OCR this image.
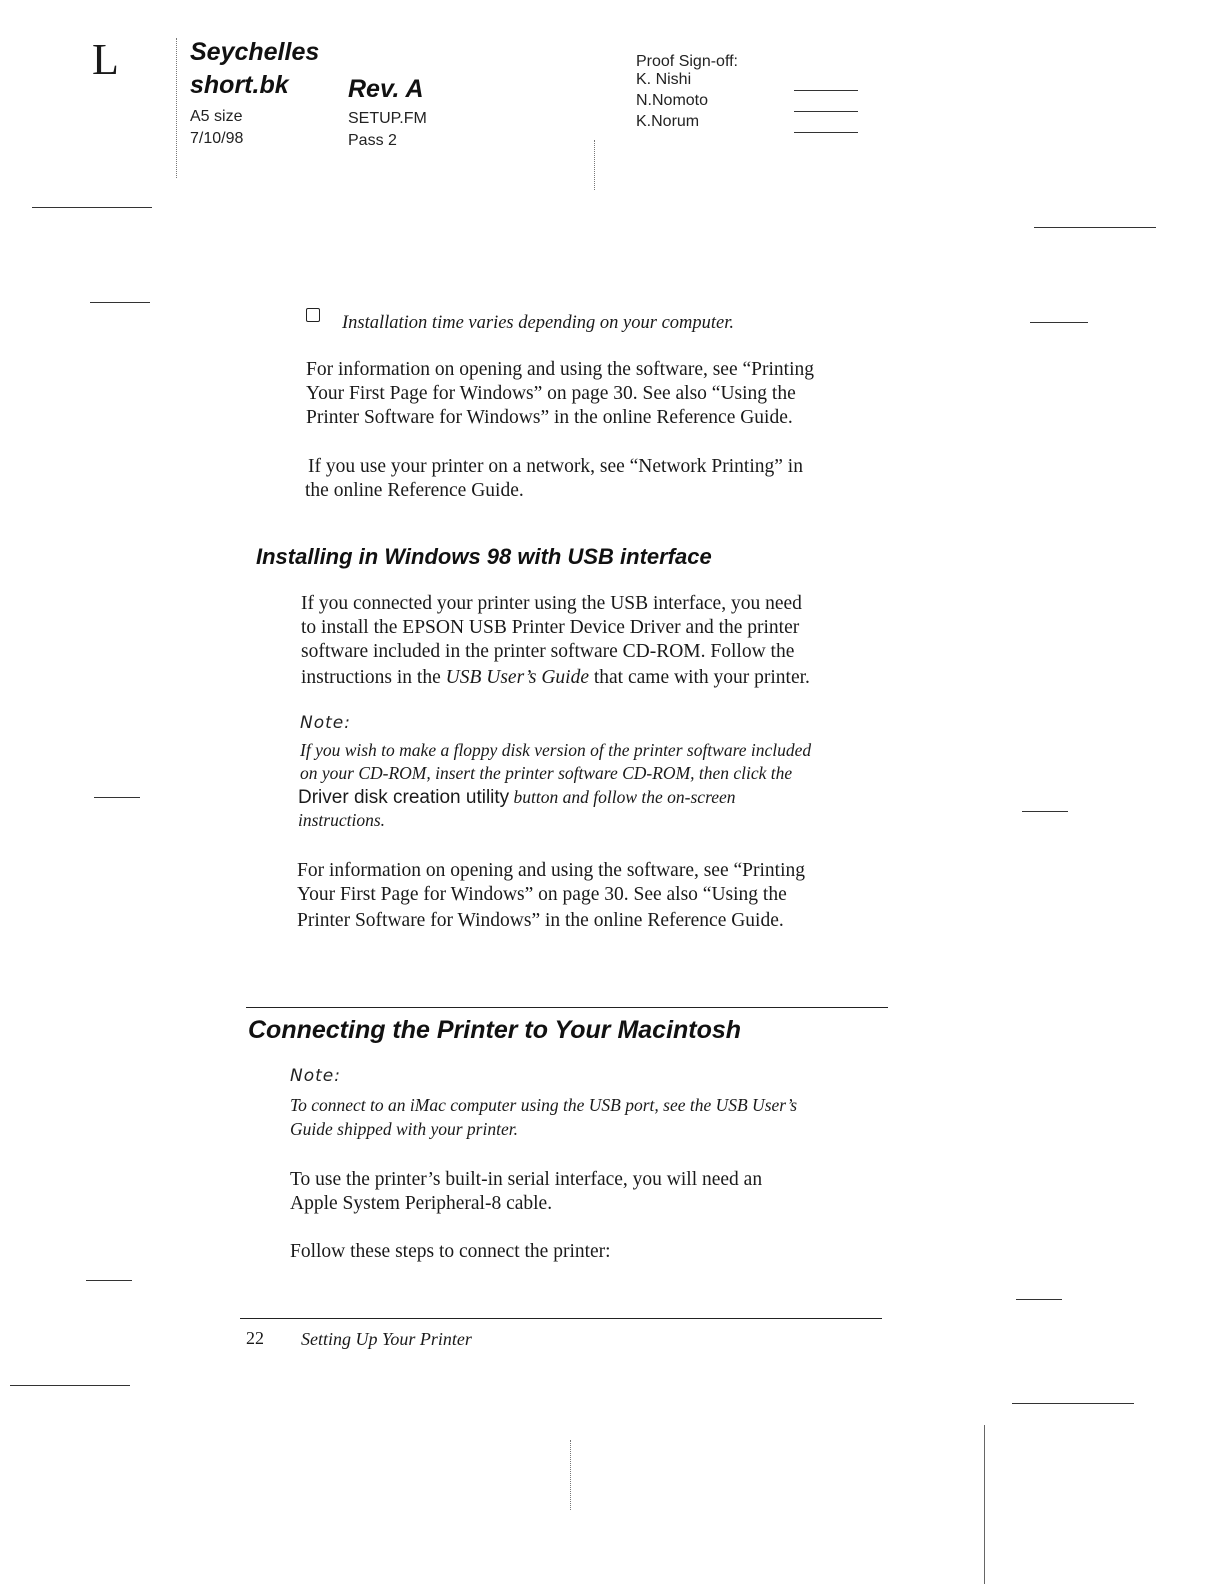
L	Seychelles
short.bk Rev. A
A5 size
7/10/98
SETUP.FM
Pass 2
Proof Sign-off:
K. Nishi
N.Nomoto
K.Norum
Installation time varies depending on your computer.
For information on opening and using the software, see “Printing
Your First Page for Windows” on page 30. See also “Using the
Printer Software for Windows” in the online Reference Guide.
If you use your printer on a network, see “Network Printing” in
the online Reference Guide.
Installing in Windows 98 with USB interface
If you connected your printer using the USB interface, you need
to install the EPSON USB Printer Device Driver and the printer
software included in the printer software CD-ROM. Follow the
instructions in the USB User’s Guide that came with your printer.
Note:
If you wish to make a floppy disk version of the printer software included
on your CD-ROM, insert the printer software CD-ROM, then click the
Driver disk creation utility button and follow the on-screen
instructions.
For information on opening and using the software, see “Printing
Your First Page for Windows” on page 30. See also “Using the
Printer Software for Windows” in the online Reference Guide.
Connecting the Printer to Your Macintosh
Note:
To connect to an iMac computer using the USB port, see the USB User’s
Guide shipped with your printer.
To use the printer’s built-in serial interface, you will need an
Apple System Peripheral-8 cable.
Follow these steps to connect the printer:
22 Setting Up Your Printer
